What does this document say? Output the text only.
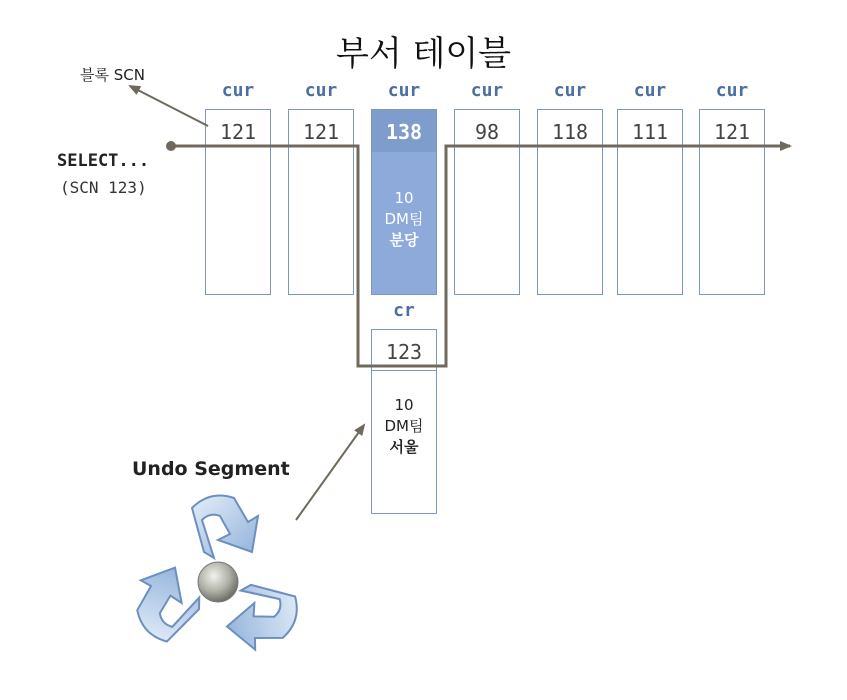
부서 테이블
블록 SCN
SELECT...
(SCN 123)
cur	cur	cur	cur	cur	cur	cur
121	121	138	98	118	111	121
10
DM팀
분당
cr
123
10
DM팀
서울
Undo Segment
